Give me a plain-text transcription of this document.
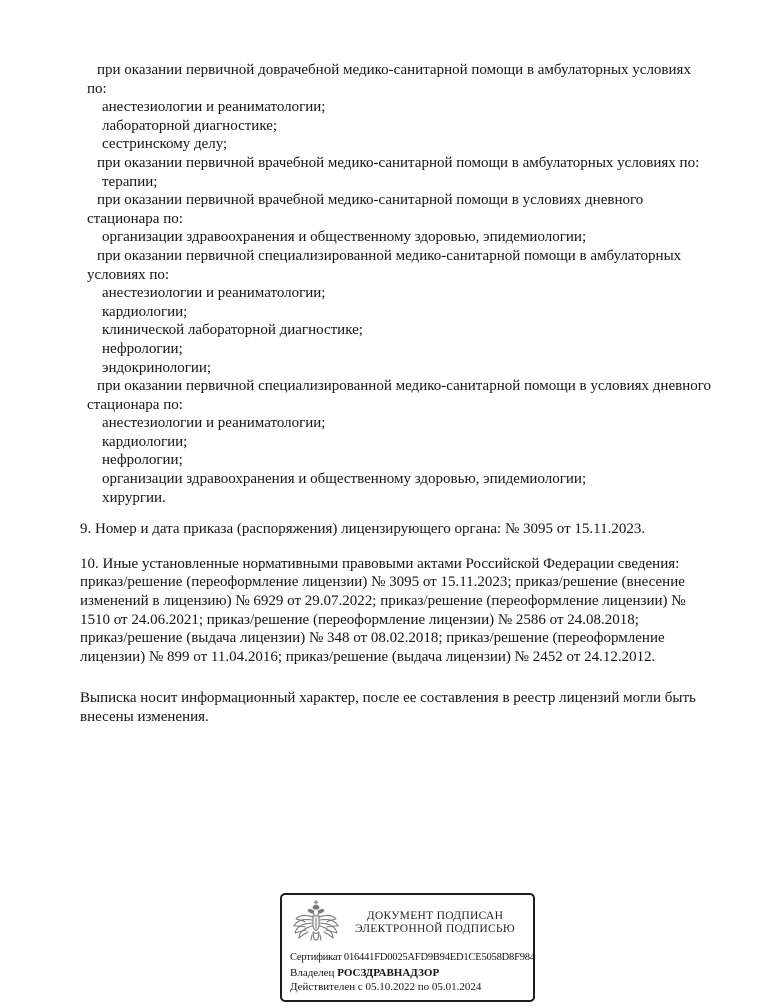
при оказании первичной доврачебной медико-санитарной помощи в амбулаторных условиях
по:
анестезиологии и реаниматологии;
лабораторной диагностике;
сестринскому делу;
при оказании первичной врачебной медико-санитарной помощи в амбулаторных условиях по:
терапии;
при оказании первичной врачебной медико-санитарной помощи в условиях дневного
стационара по:
организации здравоохранения и общественному здоровью, эпидемиологии;
при оказании первичной специализированной медико-санитарной помощи в амбулаторных
условиях по:
анестезиологии и реаниматологии;
кардиологии;
клинической лабораторной диагностике;
нефрологии;
эндокринологии;
при оказании первичной специализированной медико-санитарной помощи в условиях дневного
стационара по:
анестезиологии и реаниматологии;
кардиологии;
нефрологии;
организации здравоохранения и общественному здоровью, эпидемиологии;
хирургии.
9. Номер и дата приказа (распоряжения) лицензирующего органа: № 3095 от 15.11.2023.
10. Иные установленные нормативными правовыми актами Российской Федерации сведения:
приказ/решение (переоформление лицензии) № 3095 от 15.11.2023; приказ/решение (внесение
изменений в лицензию) № 6929 от 29.07.2022; приказ/решение (переоформление лицензии) №
1510 от 24.06.2021; приказ/решение (переоформление лицензии) № 2586 от 24.08.2018;
приказ/решение (выдача лицензии) № 348 от 08.02.2018; приказ/решение (переоформление
лицензии) № 899 от 11.04.2016; приказ/решение (выдача лицензии) № 2452 от 24.12.2012.
Выписка носит информационный характер, после ее составления в реестр лицензий могли быть
внесены изменения.
ДОКУМЕНТ ПОДПИСАН
ЭЛЕКТРОННОЙ ПОДПИСЬЮ
Сертификат 016441FD0025AFD9B94ED1CE5058D8F984
Владелец РОСЗДРАВНАДЗОР
Действителен с 05.10.2022 по 05.01.2024
